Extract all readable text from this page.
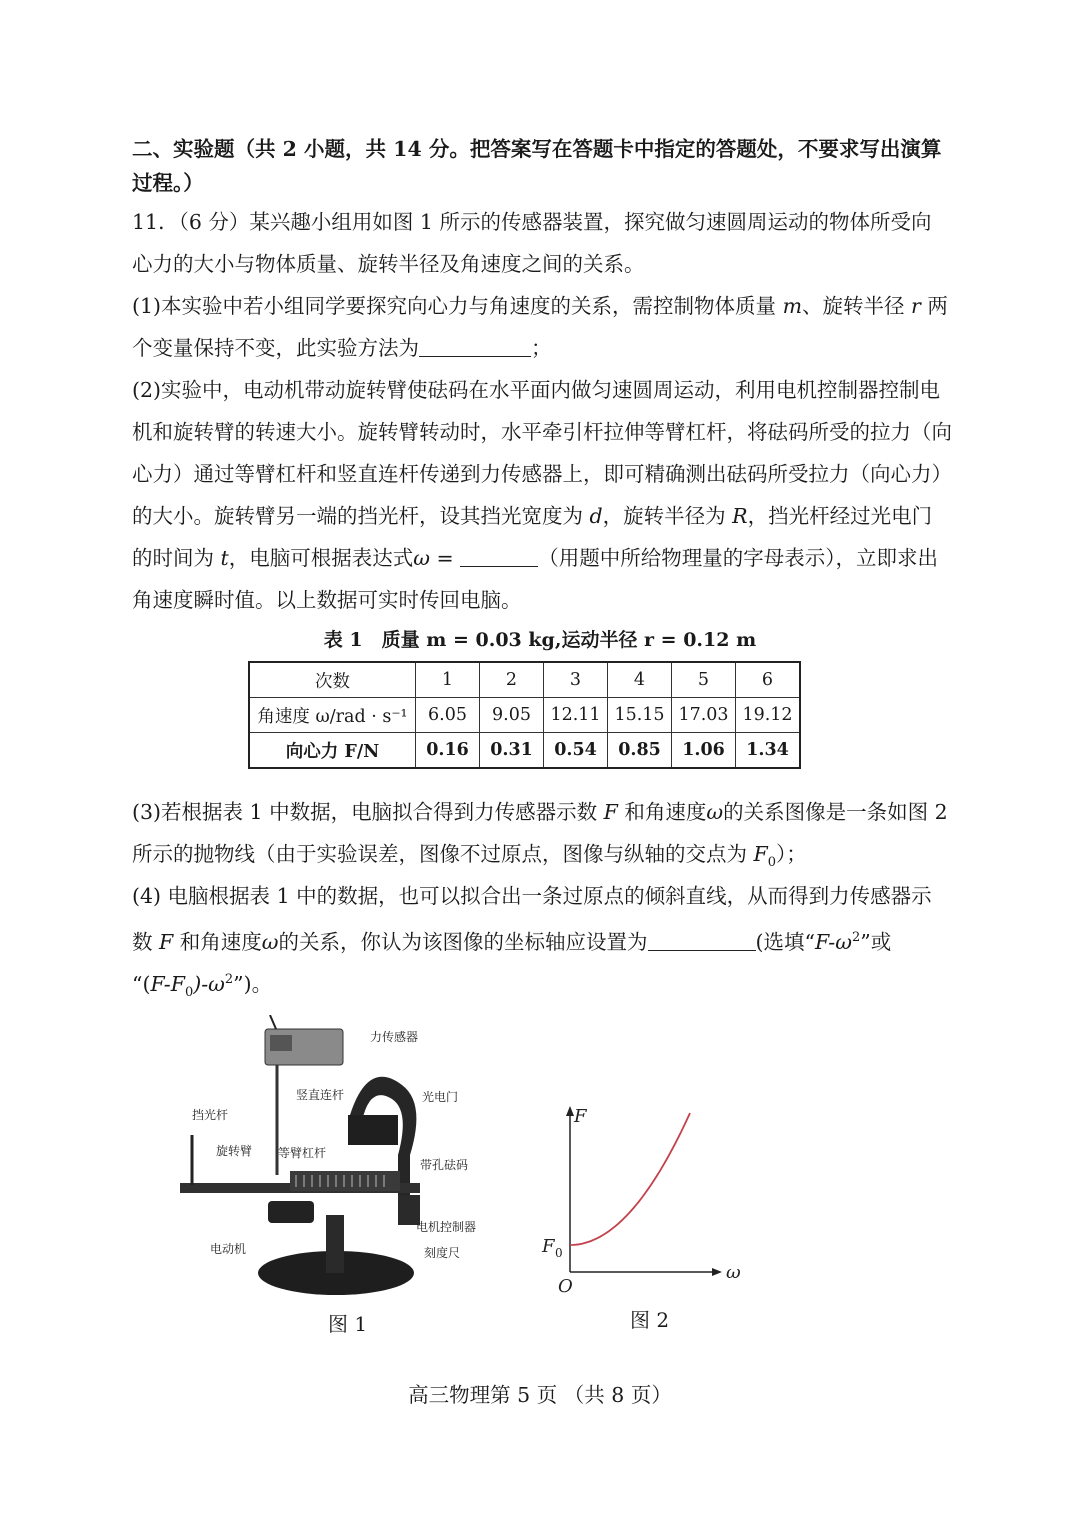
二、实验题（共 2 小题，共 14 分。把答案写在答题卡中指定的答题处，不要求写出演算
过程。）
11．（6 分）某兴趣小组用如图 1 所示的传感器装置，探究做匀速圆周运动的物体所受向
心力的大小与物体质量、旋转半径及角速度之间的关系。
(1)本实验中若小组同学要探究向心力与角速度的关系，需控制物体质量 m、旋转半径 r 两
个变量保持不变，此实验方法为	；
(2)实验中，电动机带动旋转臂使砝码在水平面内做匀速圆周运动，利用电机控制器控制电
机和旋转臂的转速大小。旋转臂转动时，水平牵引杆拉伸等臂杠杆，将砝码所受的拉力（向
心力）通过等臂杠杆和竖直连杆传递到力传感器上，即可精确测出砝码所受拉力（向心力）
的大小。旋转臂另一端的挡光杆，设其挡光宽度为 d，旋转半径为 R，挡光杆经过光电门
的时间为 t，电脑可根据表达式ω =	（用题中所给物理量的字母表示），立即求出
角速度瞬时值。以上数据可实时传回电脑。
表 1　质量 m = 0.03 kg,运动半径 r = 0.12 m
次数	1	2	3	4	5	6
角速度 ω/rad · s⁻¹	6.05	9.05	12.11	15.15	17.03	19.12
向心力 F/N	0.16	0.31	0.54	0.85	1.06	1.34
(3)若根据表 1 中数据，电脑拟合得到力传感器示数 F 和角速度ω的关系图像是一条如图 2
所示的抛物线（由于实验误差，图像不过原点，图像与纵轴的交点为 $F_0$）；
(4) 电脑根据表 1 中的数据，也可以拟合出一条过原点的倾斜直线，从而得到力传感器示
数 F 和角速度ω的关系，你认为该图像的坐标轴应设置为	(选填“$F-\omega^2$”或
“$(F-F_0)-\omega^2$”)。
力传感器
竖直连杆	光电门
挡光杆
旋转臂 等臂杠杆
带孔砝码
电机控制器
电动机	刻度尺
图 1
F
ω
O
F 0
图 2
高三物理第 5 页 （共 8 页）
